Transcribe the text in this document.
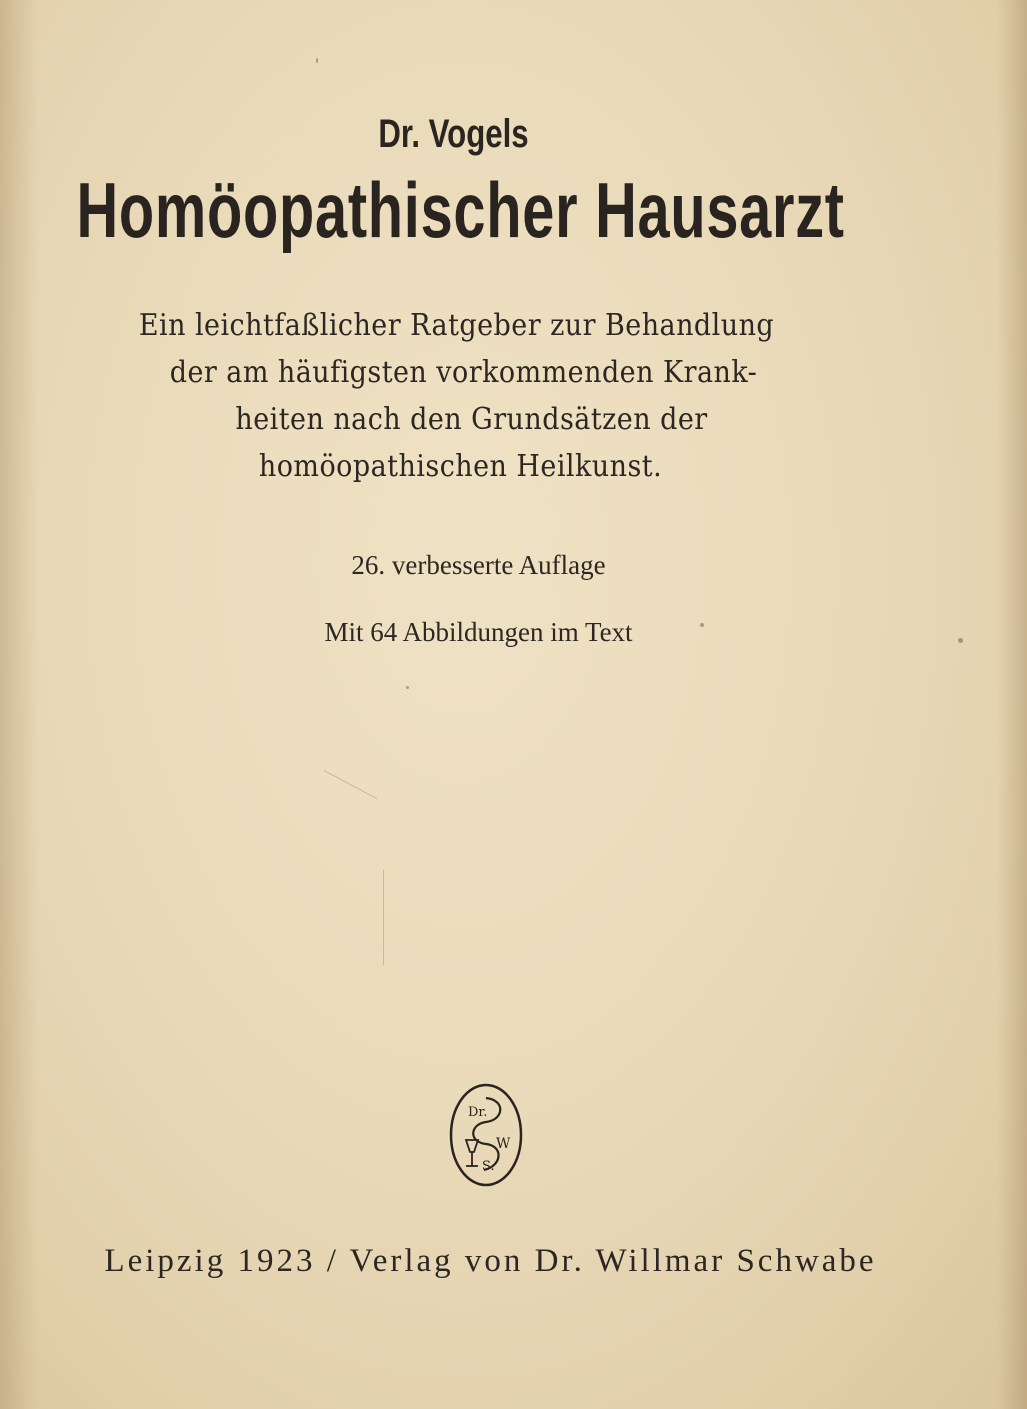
Dr. Vogels
Homöopathischer Hausarzt
Ein leichtfaßlicher Ratgeber zur Behandlung
der am häufigsten vorkommenden Krank-
heiten nach den Grundsätzen der
homöopathischen Heilkunst.
26. verbesserte Auflage
Mit 64 Abbildungen im Text
Dr.
W
S.
Leipzig 1923 / Verlag von Dr. Willmar Schwabe
